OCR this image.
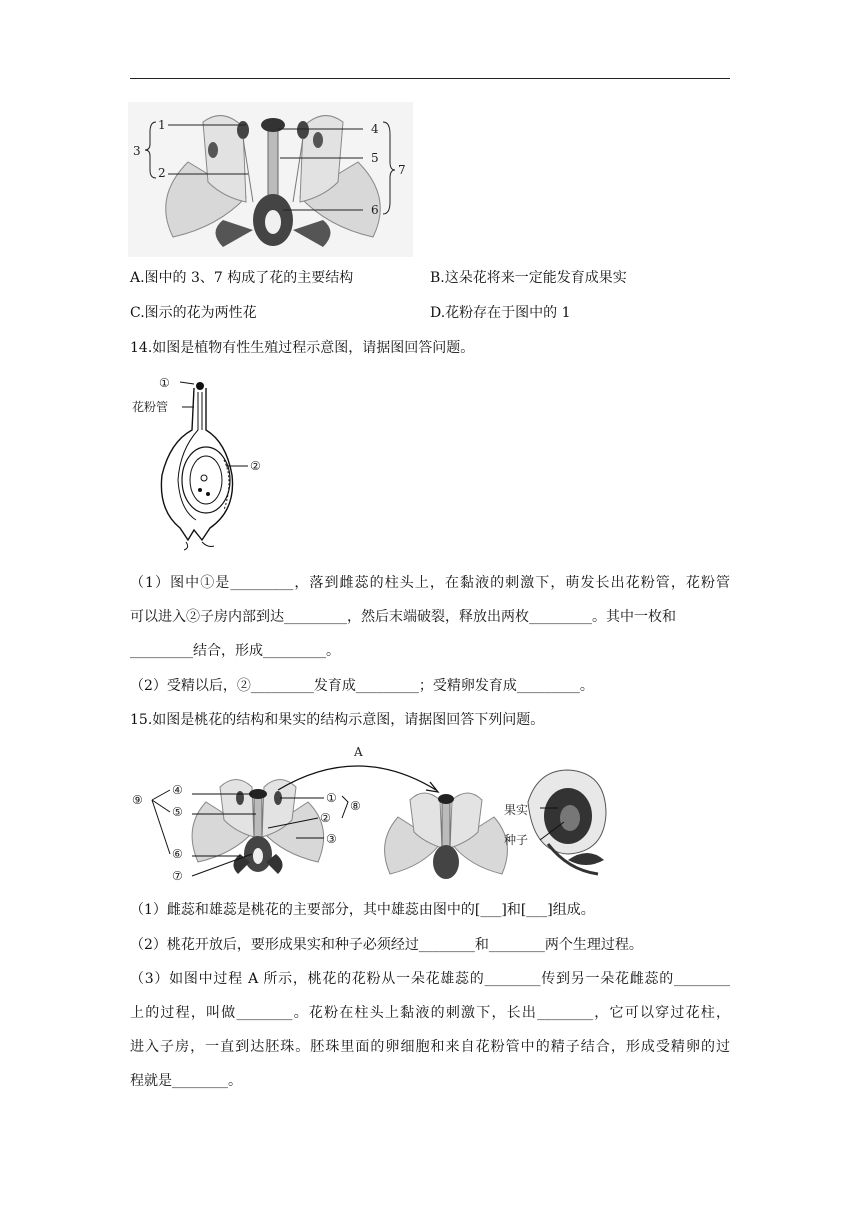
1
2
3
4
5
6
7
A.图中的 3、7 构成了花的主要结构	B.这朵花将来一定能发育成果实
C.图示的花为两性花	D.花粉存在于图中的 1
14.如图是植物有性生殖过程示意图，请据图回答问题。
①
花粉管
②
（1）图中①是_________，落到雌蕊的柱头上，在黏液的刺激下，萌发长出花粉管，花粉管
可以进入②子房内部到达_________，然后末端破裂，释放出两枚_________。其中一枚和
_________结合，形成_________。
（2）受精以后，②_________发育成_________；受精卵发育成_________。
15.如图是桃花的结构和果实的结构示意图，请据图回答下列问题。
A
果实
种子
⑨
④
⑤
⑥
⑦
①
②
③
⑧
（1）雌蕊和雄蕊是桃花的主要部分，其中雄蕊由图中的[___]和[___]组成。
（2）桃花开放后，要形成果实和种子必须经过________和________两个生理过程。
（3）如图中过程 A 所示，桃花的花粉从一朵花雄蕊的________传到另一朵花雌蕊的________
上的过程，叫做________。花粉在柱头上黏液的刺激下，长出________，它可以穿过花柱，
进入子房，一直到达胚珠。胚珠里面的卵细胞和来自花粉管中的精子结合，形成受精卵的过
程就是________。
